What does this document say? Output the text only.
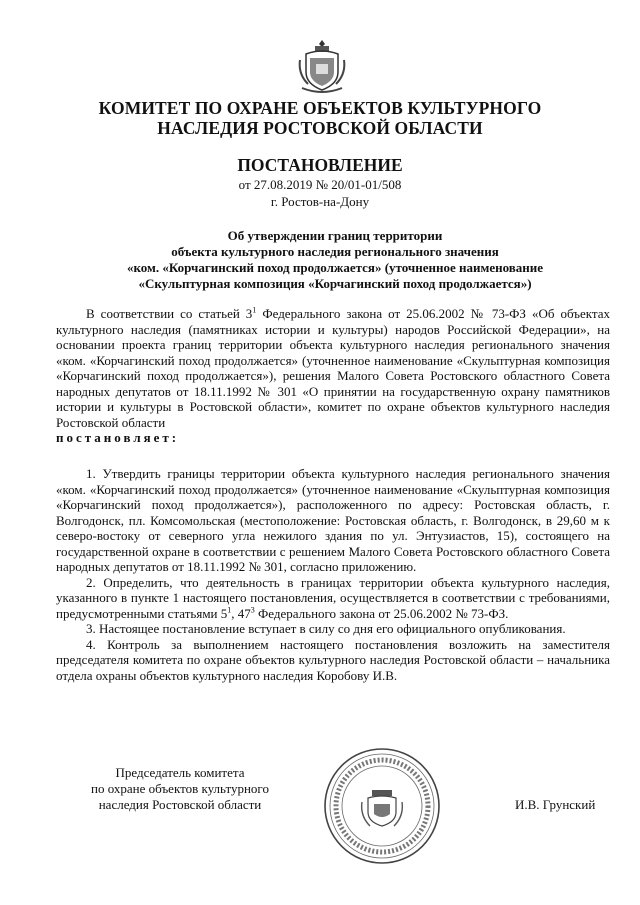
КОМИТЕТ ПО ОХРАНЕ ОБЪЕКТОВ КУЛЬТУРНОГО
НАСЛЕДИЯ РОСТОВСКОЙ ОБЛАСТИ
ПОСТАНОВЛЕНИЕ
от 27.08.2019 № 20/01-01/508
г. Ростов-на-Дону
Об утверждении границ территории
объекта культурного наследия регионального значения
«ком. «Корчагинский поход продолжается» (уточненное наименование
«Скульптурная композиция «Корчагинский поход продолжается»)

В соответствии со статьей $3^1$ Федерального закона от 25.06.2002 № 73-ФЗ «Об объектах культурного наследия (памятниках истории и культуры) народов Российской Федерации», на основании проекта границ территории объекта культурного наследия регионального значения «ком. «Корчагинский поход продолжается» (уточненное наименование «Скульптурная композиция «Корчагинский поход продолжается»), решения Малого Совета Ростовского областного Совета народных депутатов от 18.11.1992 № 301 «О принятии на государственную охрану памятников истории и культуры в Ростовской области», комитет по охране объектов культурного наследия Ростовской области

постановляет:

1. Утвердить границы территории объекта культурного наследия регионального значения «ком. «Корчагинский поход продолжается» (уточненное наименование «Скульптурная композиция «Корчагинский поход продолжается»), расположенного по адресу: Ростовская область, г. Волгодонск, пл. Комсомольская (местоположение: Ростовская область, г. Волгодонск, в 29,60 м к северо-востоку от северного угла нежилого здания по ул. Энтузиастов, 15), состоящего на государственной охране в соответствии с решением Малого Совета Ростовского областного Совета народных депутатов от 18.11.1992 № 301, согласно приложению.

2. Определить, что деятельность в границах территории объекта культурного наследия, указанного в пункте 1 настоящего постановления, осуществляется в соответствии с требованиями, предусмотренными статьями $5^1$, $47^3$ Федерального закона от 25.06.2002 № 73-ФЗ.

3. Настоящее постановление вступает в силу со дня его официального опубликования.

4. Контроль за выполнением настоящего постановления возложить на заместителя председателя комитета по охране объектов культурного наследия Ростовской области – начальника отдела охраны объектов культурного наследия Коробову И.В.

Председатель комитета
по охране объектов культурного
наследия Ростовской области	И.В. Грунский
